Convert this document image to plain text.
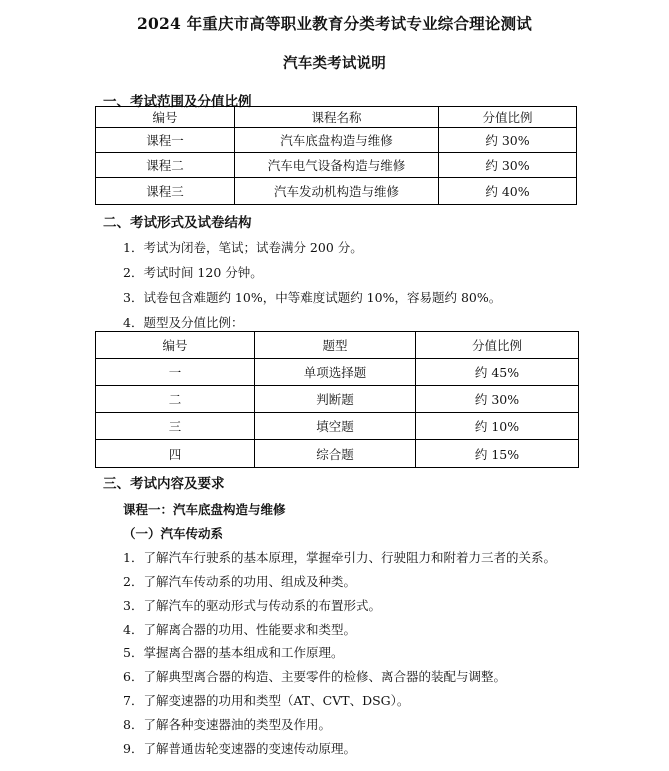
2024 年重庆市高等职业教育分类考试专业综合理论测试
汽车类考试说明
一、考试范围及分值比例
编号	课程名称	分值比例
课程一	汽车底盘构造与维修	约 30%
课程二	汽车电气设备构造与维修	约 30%
课程三	汽车发动机构造与维修	约 40%
二、考试形式及试卷结构
1．考试为闭卷，笔试；试卷满分 200 分。
2．考试时间 120 分钟。
3．试卷包含难题约 10%，中等难度试题约 10%，容易题约 80%。
4．题型及分值比例：
编号	题型	分值比例
一	单项选择题	约 45%
二	判断题	约 30%
三	填空题	约 10%
四	综合题	约 15%
三、考试内容及要求
课程一：汽车底盘构造与维修
（一）汽车传动系
1．了解汽车行驶系的基本原理，掌握牵引力、行驶阻力和附着力三者的关系。
2．了解汽车传动系的功用、组成及种类。
3．了解汽车的驱动形式与传动系的布置形式。
4．了解离合器的功用、性能要求和类型。
5．掌握离合器的基本组成和工作原理。
6．了解典型离合器的构造、主要零件的检修、离合器的装配与调整。
7．了解变速器的功用和类型（AT、CVT、DSG）。
8．了解各种变速器油的类型及作用。
9．了解普通齿轮变速器的变速传动原理。
